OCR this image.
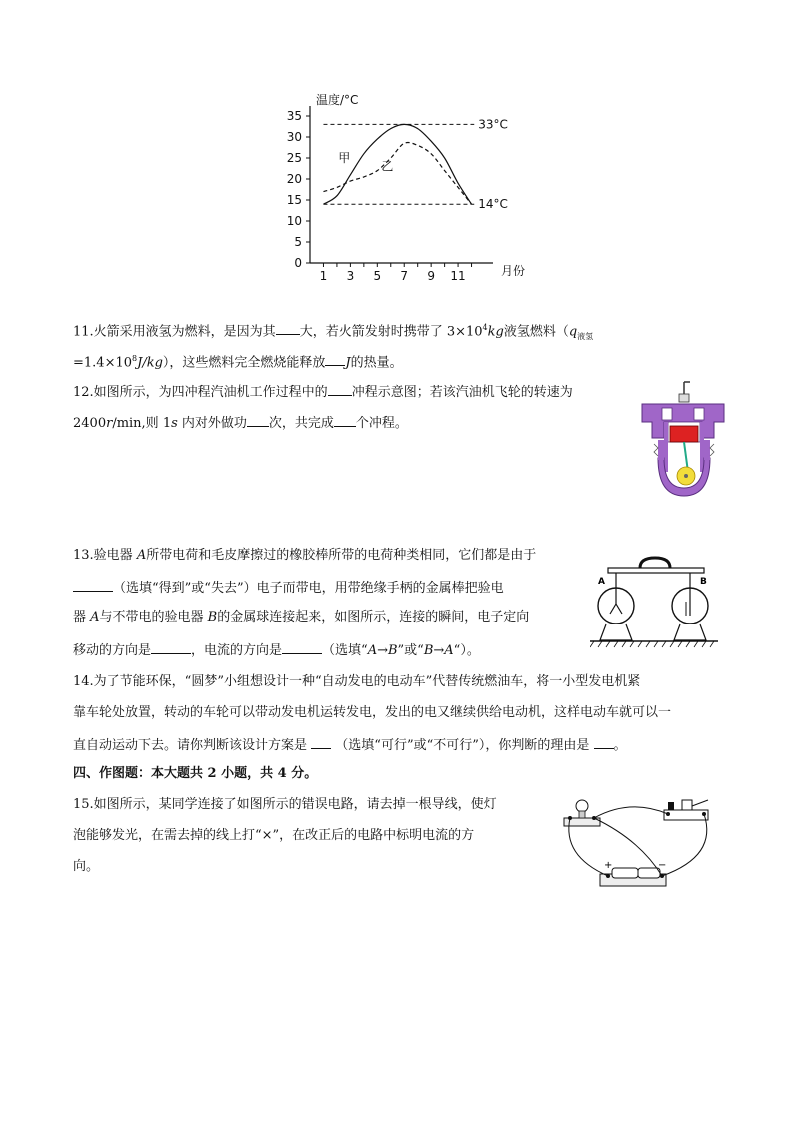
0
5
10
15
20
25
30
35
1 3 5 7 9 11
温度/°C
月份
33°C
14°C
甲
乙
11.火箭采用液氢为燃料，是因为其 大，若火箭发射时携带了 $3\times 10^4kg$液氢燃料（$q_{液氢}$
$=1.4\times 10^8J/kg$），这些燃料完全燃烧能释放 J的热量。
12.如图所示，为四冲程汽油机工作过程中的 冲程示意图；若该汽油机飞轮的转速为
2400r/min,则 1s 内对外做功 次，共完成 个冲程。
13.验电器 A所带电荷和毛皮摩擦过的橡胶棒所带的电荷种类相同，它们都是由于
（选填“得到”或“失去”）电子而带电，用带绝缘手柄的金属棒把验电
器 A与不带电的验电器 B的金属球连接起来，如图所示，连接的瞬间，电子定向
移动的方向是	，电流的方向是	（选填“A→B”或“B→A“）。
A	B
14.为了节能环保，“圆梦”小组想设计一种“自动发电的电动车”代替传统燃油车，将一小型发电机紧
靠车轮处放置，转动的车轮可以带动发电机运转发电，发出的电又继续供给电动机，这样电动车就可以一
直自动运动下去。请你判断该设计方案是 （选填“可行”或“不可行”），你判断的理由是 。
四、作图题：本大题共 2 小题，共 4 分。
15.如图所示，某同学连接了如图所示的错误电路，请去掉一根导线，使灯
泡能够发光，在需去掉的线上打“×”，在改正后的电路中标明电流的方
向。	+	−
